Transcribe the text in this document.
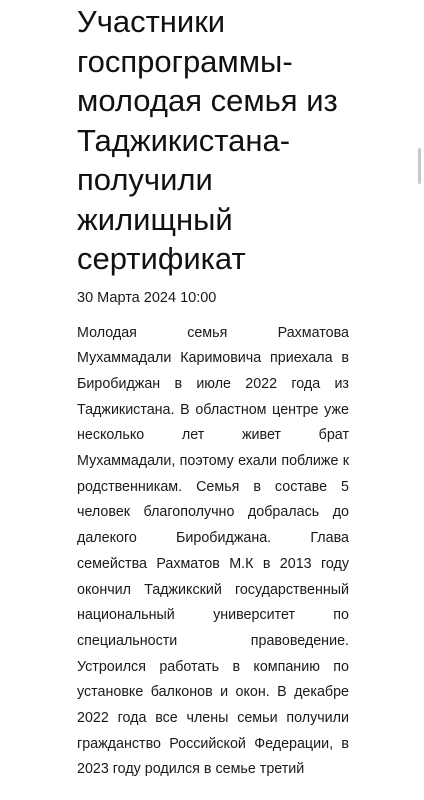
Участники госпрограммы-молодая семья из Таджикистана-получили жилищный сертификат
30 Марта 2024 10:00

Молодая семья Рахматова Мухаммадали Каримовича приехала в Биробиджан в июле 2022 года из Таджикистана. В областном центре уже несколько лет живет брат Мухаммадали, поэтому ехали поближе к родственникам. Семья в составе 5 человек благополучно добралась до далекого Биробиджана. Глава семейства Рахматов М.К в 2013 году окончил Таджикский государственный национальный университет по специальности правоведение. Устроился работать в компанию по установке балконов и окон. В декабре 2022 года все члены семьи получили гражданство Российской Федерации, в 2023 году родился в семье третий
